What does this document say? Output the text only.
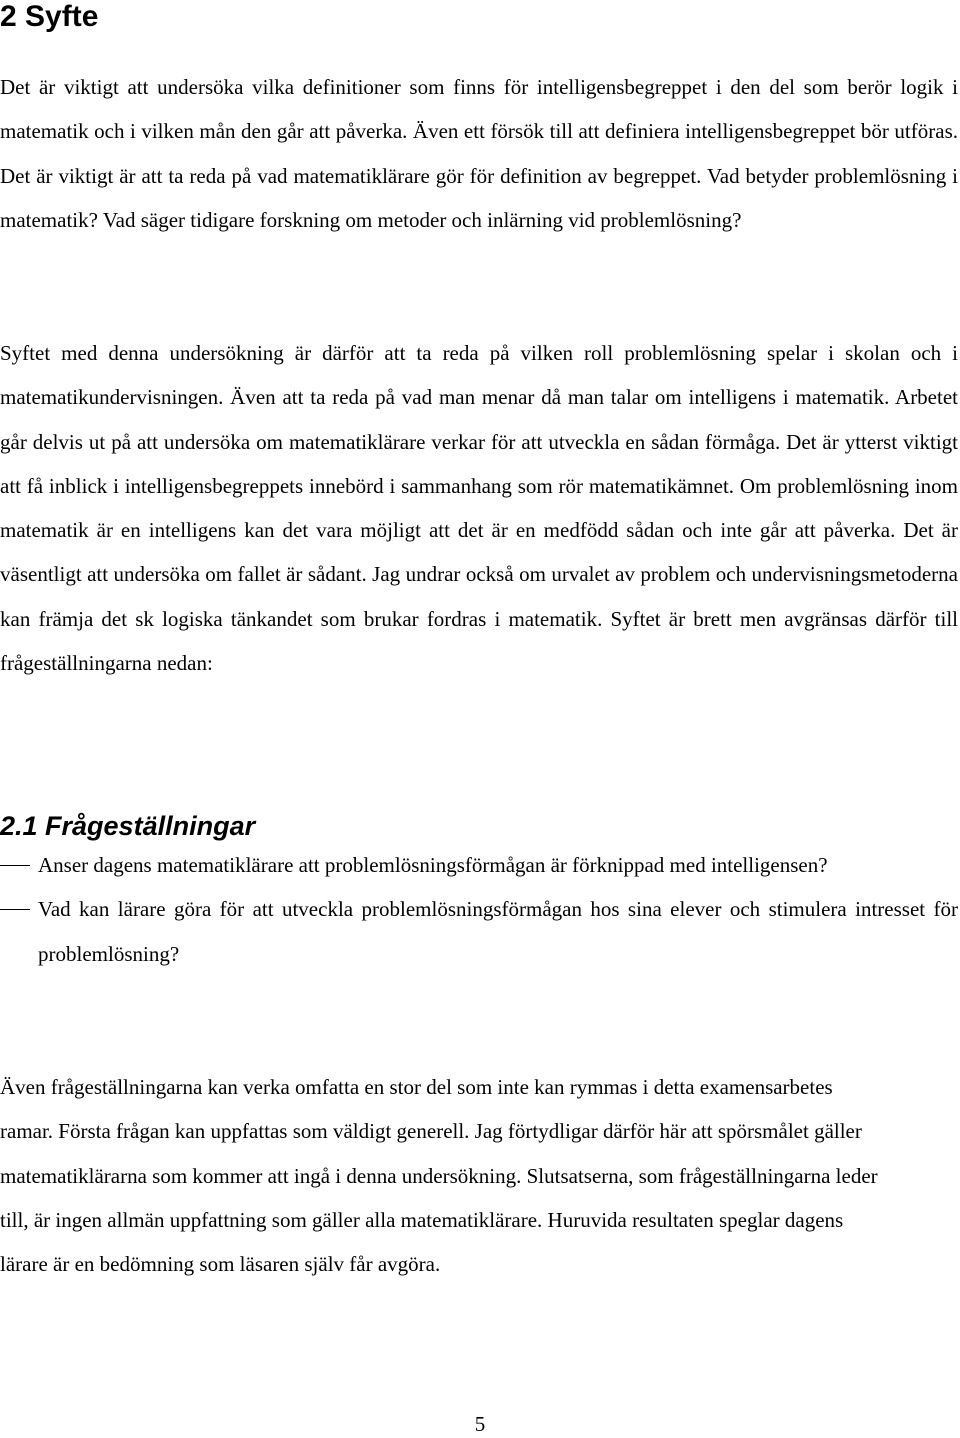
2 Syfte

Det är viktigt att undersöka vilka definitioner som finns för intelligensbegreppet i den del som berör logik i matematik och i vilken mån den går att påverka. Även ett försök till att definiera intelligensbegreppet bör utföras. Det är viktigt är att ta reda på vad matematiklärare gör för definition av begreppet. Vad betyder problemlösning i matematik? Vad säger tidigare forskning om metoder och inlärning vid problemlösning?

Syftet med denna undersökning är därför att ta reda på vilken roll problemlösning spelar i skolan och i matematikundervisningen. Även att ta reda på vad man menar då man talar om intelligens i matematik. Arbetet går delvis ut på att undersöka om matematiklärare verkar för att utveckla en sådan förmåga. Det är ytterst viktigt att få inblick i intelligensbegreppets innebörd i sammanhang som rör matematikämnet. Om problemlösning inom matematik är en intelligens kan det vara möjligt att det är en medfödd sådan och inte går att påverka. Det är väsentligt att undersöka om fallet är sådant. Jag undrar också om urvalet av problem och undervisningsmetoderna kan främja det sk logiska tänkandet som brukar fordras i matematik. Syftet är brett men avgränsas därför till frågeställningarna nedan:

2.1 Frågeställningar
Anser dagens matematiklärare att problemlösningsförmågan är förknippad med intelligensen?
Vad kan lärare göra för att utveckla problemlösningsförmågan hos sina elever och stimulera intresset för problemlösning?

Även frågeställningarna kan verka omfatta en stor del som inte kan rymmas i detta examensarbetes ramar. Första frågan kan uppfattas som väldigt generell. Jag förtydligar därför här att spörsmålet gäller matematiklärarna som kommer att ingå i denna undersökning. Slutsatserna, som frågeställningarna leder till, är ingen allmän uppfattning som gäller alla matematiklärare. Huruvida resultaten speglar dagens lärare är en bedömning som läsaren själv får avgöra.

5
